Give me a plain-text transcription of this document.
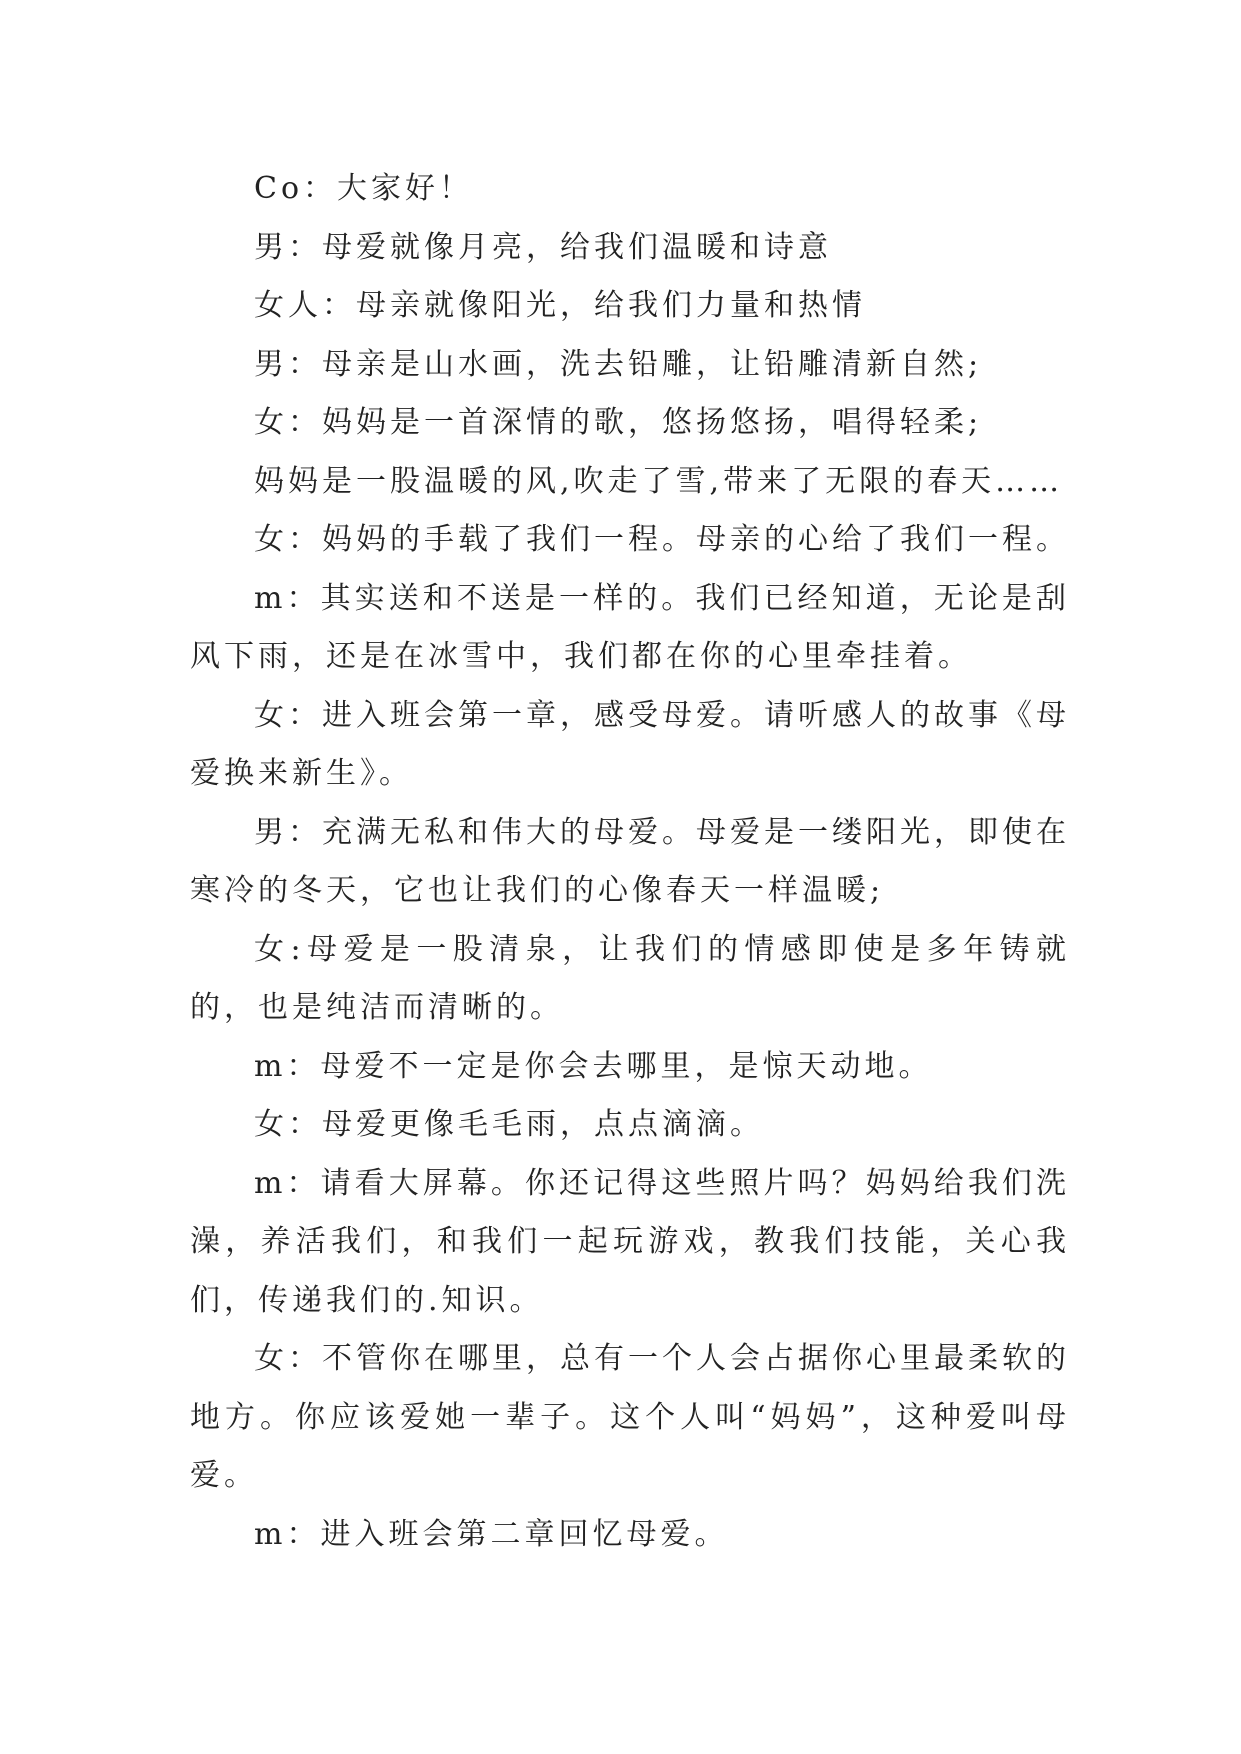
Co：大家好！

男：母爱就像月亮，给我们温暖和诗意

女人：母亲就像阳光，给我们力量和热情

男：母亲是山水画，洗去铅雕，让铅雕清新自然;

女：妈妈是一首深情的歌，悠扬悠扬，唱得轻柔;

妈妈是一股温暖的风,吹走了雪,带来了无限的春天……

女：妈妈的手载了我们一程。母亲的心给了我们一程。

m：其实送和不送是一样的。我们已经知道，无论是刮风下雨，还是在冰雪中，我们都在你的心里牵挂着。

女：进入班会第一章，感受母爱。请听感人的故事《母爱换来新生》。

男：充满无私和伟大的母爱。母爱是一缕阳光，即使在寒冷的冬天，它也让我们的心像春天一样温暖;

女:母爱是一股清泉，让我们的情感即使是多年铸就的，也是纯洁而清晰的。

m：母爱不一定是你会去哪里，是惊天动地。

女：母爱更像毛毛雨，点点滴滴。

m：请看大屏幕。你还记得这些照片吗？妈妈给我们洗澡，养活我们，和我们一起玩游戏，教我们技能，关心我们，传递我们的.知识。

女：不管你在哪里，总有一个人会占据你心里最柔软的地方。你应该爱她一辈子。这个人叫“妈妈”，这种爱叫母爱。

m：进入班会第二章回忆母爱。
